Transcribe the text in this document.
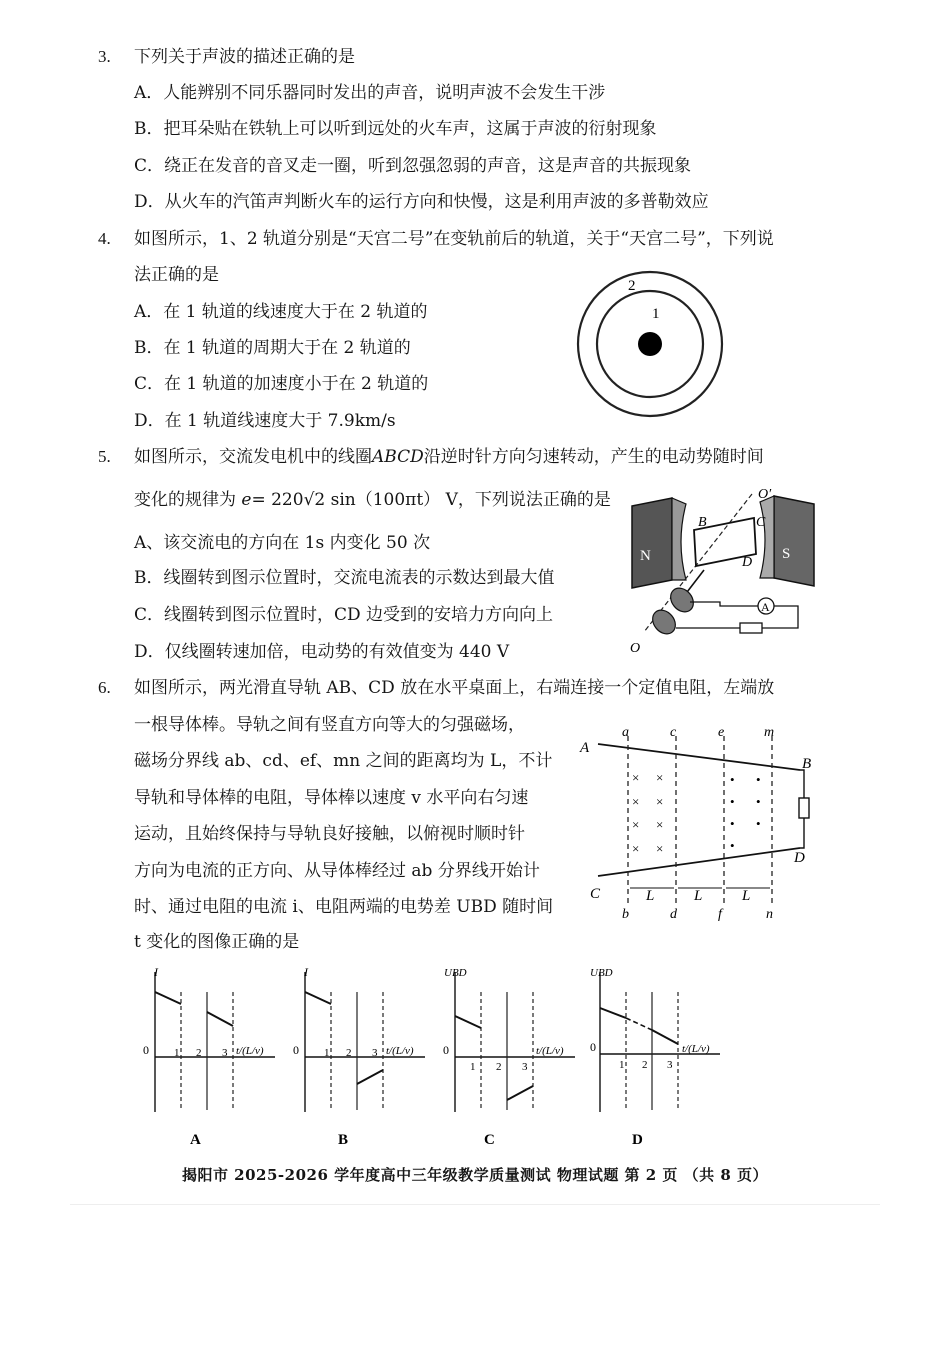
3. 下列关于声波的描述正确的是
A．人能辨别不同乐器同时发出的声音，说明声波不会发生干涉
B．把耳朵贴在铁轨上可以听到远处的火车声，这属于声波的衍射现象
C．绕正在发音的音叉走一圈，听到忽强忽弱的声音，这是声音的共振现象
D．从火车的汽笛声判断火车的运行方向和快慢，这是利用声波的多普勒效应
4. 如图所示，1、2 轨道分别是“天宫二号”在变轨前后的轨道，关于“天宫二号”，下列说
法正确的是
A．在 1 轨道的线速度大于在 2 轨道的
B．在 1 轨道的周期大于在 2 轨道的
C．在 1 轨道的加速度小于在 2 轨道的
D．在 1 轨道线速度大于 7.9km/s
2
1
5. 如图所示，交流发电机中的线圈ABCD沿逆时针方向匀速转动，产生的电动势随时间
变化的规律为 e= 220√2 sin（100πt） V，下列说法正确的是
A、该交流电的方向在 1s 内变化 50 次
B．线圈转到图示位置时，交流电流表的示数达到最大值
C．线圈转到图示位置时，CD 边受到的安培力方向向上
D．仅线圈转速加倍，电动势的有效值变为 440 V
N	S
B	C
D
O′
O
A
6. 如图所示，两光滑直导轨 AB、CD 放在水平桌面上，右端连接一个定值电阻，左端放
一根导体棒。导轨之间有竖直方向等大的匀强磁场，
磁场分界线 ab、cd、ef、mn 之间的距离均为 L，不计
导轨和导体棒的电阻，导体棒以速度 v 水平向右匀速
运动，且始终保持与导轨良好接触，以俯视时顺时针
方向为电流的正方向、从导体棒经过 ab 分界线开始计
时、通过电阻的电流 i、电阻两端的电势差 UBD 随时间
t 变化的图像正确的是
A
B
C
D
a	c	e	m
b	d	f	n
L	L	L
× ×
× ×
× ×
× ×
• •
• •
• •
•
I
0 1 2 3 t/(L/v)
A
I
0 1 2 3 t/(L/v)
B
UBD
0
1 2 3
t/(L/v)
C
UBD
0
1 2 3
t/(L/v)
D
揭阳市 2025-2026 学年度高中三年级教学质量测试 物理试题 第 2 页 （共 8 页）
